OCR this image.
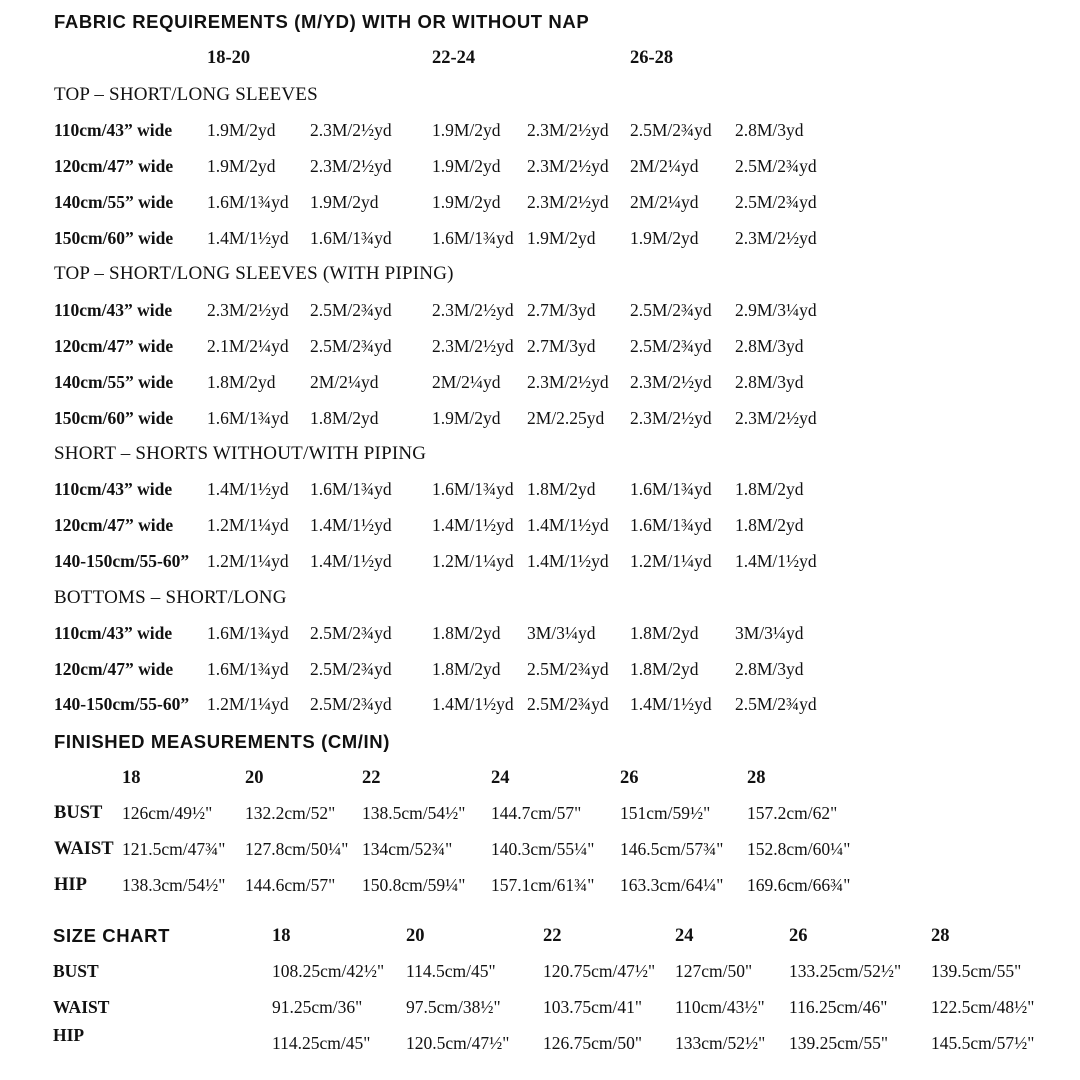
FABRIC REQUIREMENTS (M/YD) WITH OR WITHOUT NAP
18-20	22-24	26-28
TOP – SHORT/LONG SLEEVES
110cm/43” wide 1.9M/2yd 2.3M/2½yd 1.9M/2yd 2.3M/2½yd 2.5M/2¾yd 2.8M/3yd
120cm/47” wide 1.9M/2yd 2.3M/2½yd 1.9M/2yd 2.3M/2½yd 2M/2¼yd 2.5M/2¾yd
140cm/55” wide 1.6M/1¾yd 1.9M/2yd	1.9M/2yd 2.3M/2½yd 2M/2¼yd 2.5M/2¾yd
150cm/60” wide 1.4M/1½yd 1.6M/1¾yd 1.6M/1¾yd 1.9M/2yd 1.9M/2yd 2.3M/2½yd
TOP – SHORT/LONG SLEEVES (WITH PIPING)
110cm/43” wide 2.3M/2½yd 2.5M/2¾yd 2.3M/2½yd 2.7M/3yd 2.5M/2¾yd 2.9M/3¼yd
120cm/47” wide 2.1M/2¼yd 2.5M/2¾yd 2.3M/2½yd 2.7M/3yd 2.5M/2¾yd 2.8M/3yd
140cm/55” wide 1.8M/2yd 2M/2¼yd	2M/2¼yd 2.3M/2½yd 2.3M/2½yd 2.8M/3yd
150cm/60” wide 1.6M/1¾yd 1.8M/2yd	1.9M/2yd 2M/2.25yd 2.3M/2½yd 2.3M/2½yd
SHORT – SHORTS WITHOUT/WITH PIPING
110cm/43” wide 1.4M/1½yd 1.6M/1¾yd 1.6M/1¾yd 1.8M/2yd 1.6M/1¾yd 1.8M/2yd
120cm/47” wide 1.2M/1¼yd 1.4M/1½yd 1.4M/1½yd 1.4M/1½yd 1.6M/1¾yd 1.8M/2yd
140-150cm/55-60” 1.2M/1¼yd 1.4M/1½yd 1.2M/1¼yd 1.4M/1½yd 1.2M/1¼yd 1.4M/1½yd
BOTTOMS – SHORT/LONG
110cm/43” wide 1.6M/1¾yd 2.5M/2¾yd 1.8M/2yd 3M/3¼yd 1.8M/2yd 3M/3¼yd
120cm/47” wide 1.6M/1¾yd 2.5M/2¾yd 1.8M/2yd 2.5M/2¾yd 1.8M/2yd 2.8M/3yd
140-150cm/55-60” 1.2M/1¼yd 2.5M/2¾yd 1.4M/1½yd 2.5M/2¾yd 1.4M/1½yd 2.5M/2¾yd
FINISHED MEASUREMENTS (CM/IN)
18	20	22	24	26	28
BUST 126cm/49½" 132.2cm/52" 138.5cm/54½" 144.7cm/57" 151cm/59½" 157.2cm/62"
WAIST 121.5cm/47¾" 127.8cm/50¼" 134cm/52¾" 140.3cm/55¼" 146.5cm/57¾" 152.8cm/60¼"
HIP 138.3cm/54½" 144.6cm/57" 150.8cm/59¼" 157.1cm/61¾" 163.3cm/64¼" 169.6cm/66¾"
SIZE CHART	18	20	22	24	26	28
BUST	108.25cm/42½" 114.5cm/45"	120.75cm/47½" 127cm/50" 133.25cm/52½" 139.5cm/55"
WAIST	91.25cm/36" 97.5cm/38½" 103.75cm/41" 110cm/43½" 116.25cm/46" 122.5cm/48½"
HIP	114.25cm/45" 120.5cm/47½" 126.75cm/50" 133cm/52½" 139.25cm/55" 145.5cm/57½"
